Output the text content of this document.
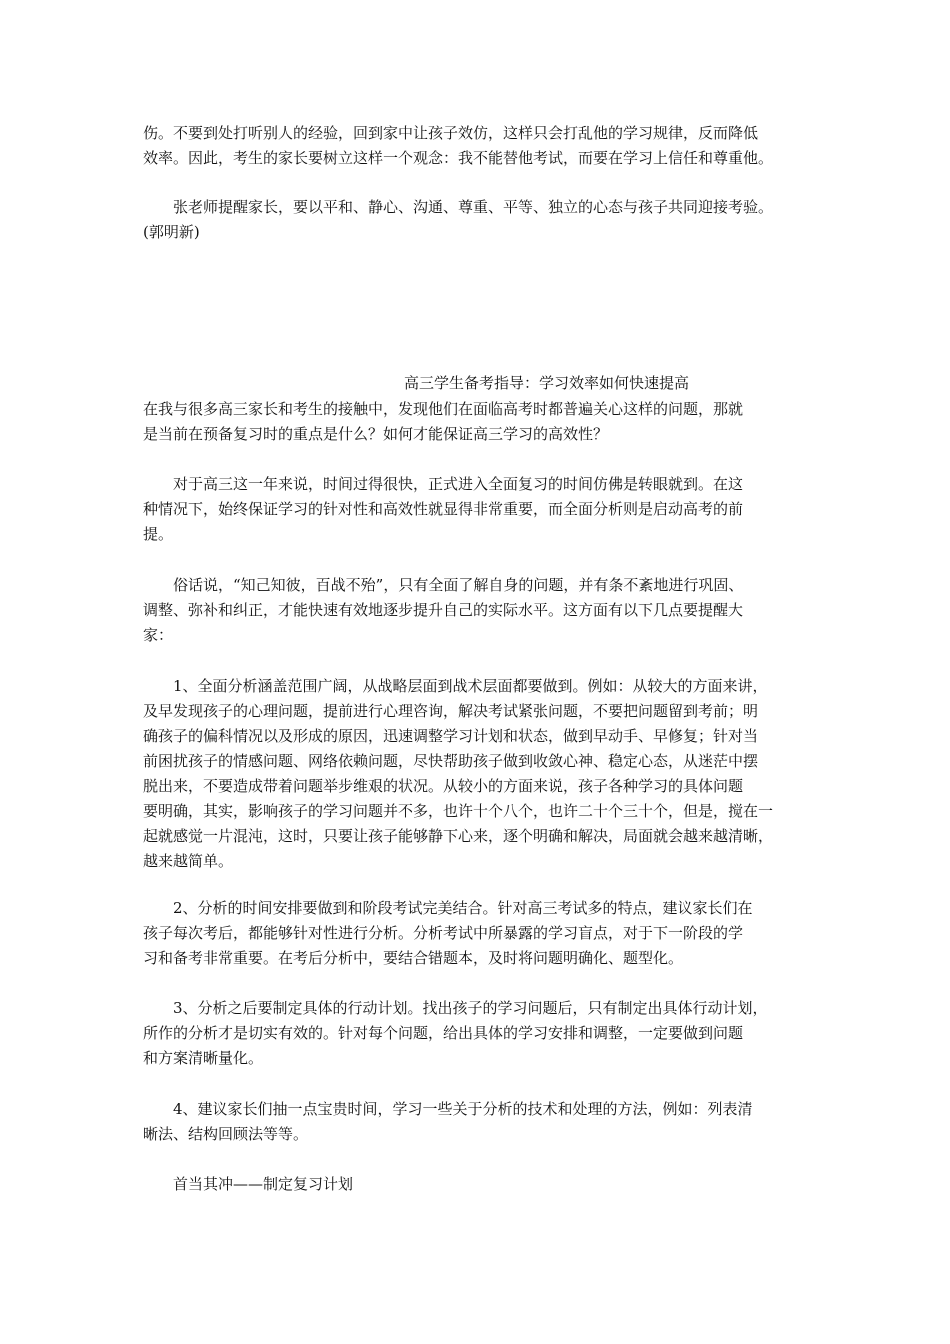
伤。不要到处打听别人的经验，回到家中让孩子效仿，这样只会打乱他的学习规律，反而降低
效率。因此，考生的家长要树立这样一个观念：我不能替他考试，而要在学习上信任和尊重他。
张老师提醒家长，要以平和、静心、沟通、尊重、平等、独立的心态与孩子共同迎接考验。
(郭明新)
高三学生备考指导：学习效率如何快速提高
在我与很多高三家长和考生的接触中，发现他们在面临高考时都普遍关心这样的问题，那就
是当前在预备复习时的重点是什么？如何才能保证高三学习的高效性？
对于高三这一年来说，时间过得很快，正式进入全面复习的时间仿佛是转眼就到。在这
种情况下，始终保证学习的针对性和高效性就显得非常重要，而全面分析则是启动高考的前
提。
俗话说，“知己知彼，百战不殆”，只有全面了解自身的问题，并有条不紊地进行巩固、
调整、弥补和纠正，才能快速有效地逐步提升自己的实际水平。这方面有以下几点要提醒大
家：
1、全面分析涵盖范围广阔，从战略层面到战术层面都要做到。例如：从较大的方面来讲，
及早发现孩子的心理问题，提前进行心理咨询，解决考试紧张问题，不要把问题留到考前；明
确孩子的偏科情况以及形成的原因，迅速调整学习计划和状态，做到早动手、早修复；针对当
前困扰孩子的情感问题、网络依赖问题，尽快帮助孩子做到收敛心神、稳定心态，从迷茫中摆
脱出来，不要造成带着问题举步维艰的状况。从较小的方面来说，孩子各种学习的具体问题
要明确，其实，影响孩子的学习问题并不多，也许十个八个，也许二十个三十个，但是，搅在一
起就感觉一片混沌，这时，只要让孩子能够静下心来，逐个明确和解决，局面就会越来越清晰，
越来越简单。
2、分析的时间安排要做到和阶段考试完美结合。针对高三考试多的特点，建议家长们在
孩子每次考后，都能够针对性进行分析。分析考试中所暴露的学习盲点，对于下一阶段的学
习和备考非常重要。在考后分析中，要结合错题本，及时将问题明确化、题型化。
3、分析之后要制定具体的行动计划。找出孩子的学习问题后，只有制定出具体行动计划，
所作的分析才是切实有效的。针对每个问题，给出具体的学习安排和调整，一定要做到问题
和方案清晰量化。
4、建议家长们抽一点宝贵时间，学习一些关于分析的技术和处理的方法，例如：列表清
晰法、结构回顾法等等。
首当其冲——制定复习计划
